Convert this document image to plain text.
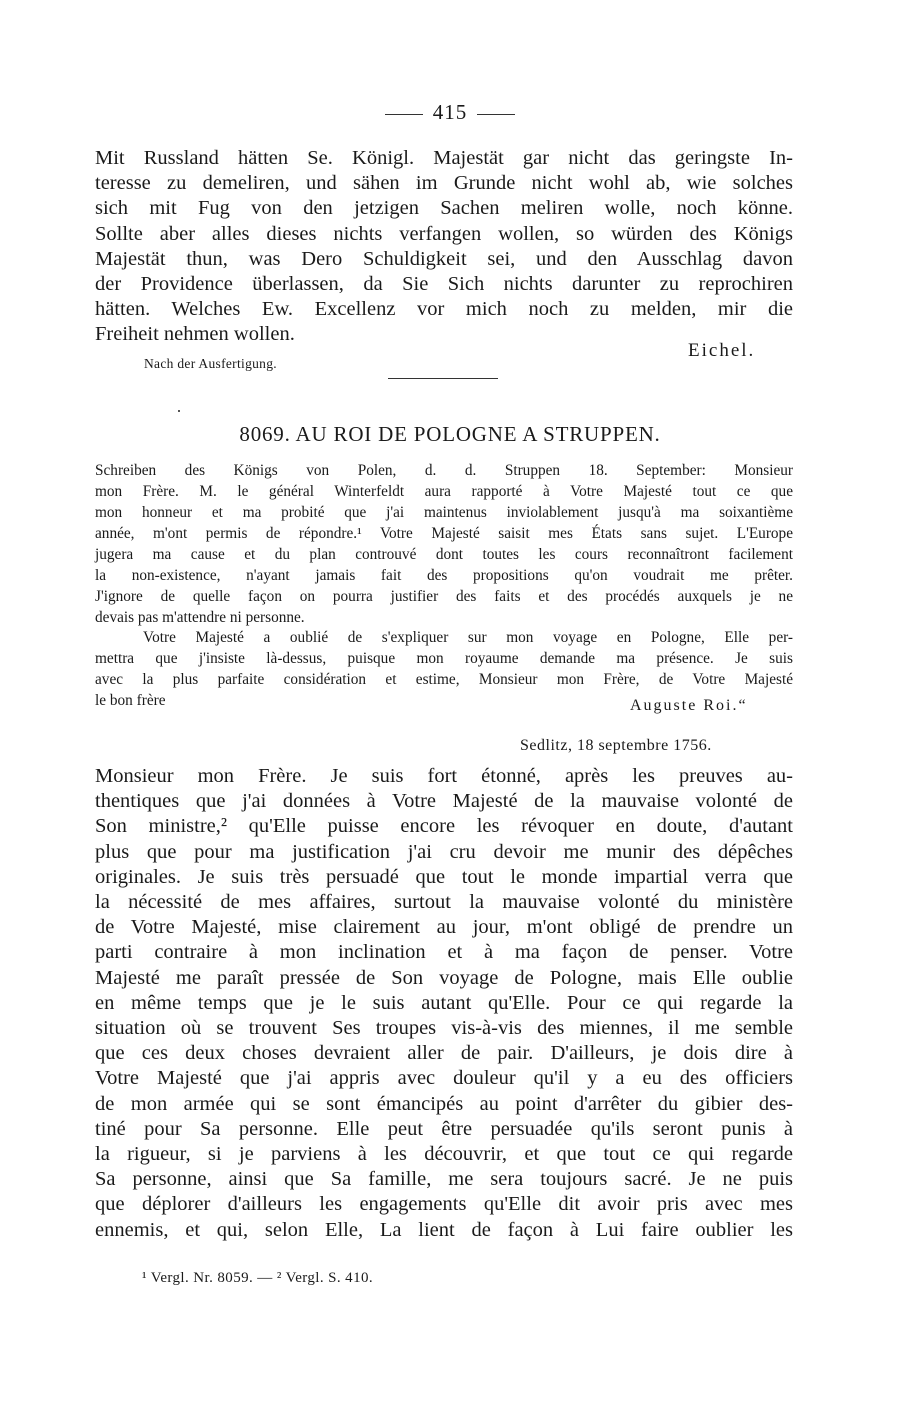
415
Mit Russland hätten Se. Königl. Majestät gar nicht das geringste In-
teresse zu demeliren, und sähen im Grunde nicht wohl ab, wie solches
sich mit Fug von den jetzigen Sachen meliren wolle, noch könne.
Sollte aber alles dieses nichts verfangen wollen, so würden des Königs
Majestät thun, was Dero Schuldigkeit sei, und den Ausschlag davon
der Providence überlassen, da Sie Sich nichts darunter zu reprochiren
hätten. Welches Ew. Excellenz vor mich noch zu melden, mir die
Freiheit nehmen wollen.
Eichel.
Nach der Ausfertigung.
8069. AU ROI DE POLOGNE A STRUPPEN.
Schreiben des Königs von Polen, d. d. Struppen 18. September: Monsieur
mon Frère. M. le général Winterfeldt aura rapporté à Votre Majesté tout ce que
mon honneur et ma probité que j'ai maintenus inviolablement jusqu'à ma soixantième
année, m'ont permis de répondre.¹ Votre Majesté saisit mes États sans sujet. L'Europe
jugera ma cause et du plan controuvé dont toutes les cours reconnaîtront facilement
la non-existence, n'ayant jamais fait des propositions qu'on voudrait me prêter.
J'ignore de quelle façon on pourra justifier des faits et des procédés auxquels je ne
devais pas m'attendre ni personne.
Votre Majesté a oublié de s'expliquer sur mon voyage en Pologne, Elle per-
mettra que j'insiste là-dessus, puisque mon royaume demande ma présence. Je suis
avec la plus parfaite considération et estime, Monsieur mon Frère, de Votre Majesté
le bon frère	Auguste Roi.“
Sedlitz, 18 septembre 1756.
Monsieur mon Frère. Je suis fort étonné, après les preuves au-
thentiques que j'ai données à Votre Majesté de la mauvaise volonté de
Son ministre,² qu'Elle puisse encore les révoquer en doute, d'autant
plus que pour ma justification j'ai cru devoir me munir des dépêches
originales. Je suis très persuadé que tout le monde impartial verra que
la nécessité de mes affaires, surtout la mauvaise volonté du ministère
de Votre Majesté, mise clairement au jour, m'ont obligé de prendre un
parti contraire à mon inclination et à ma façon de penser. Votre
Majesté me paraît pressée de Son voyage de Pologne, mais Elle oublie
en même temps que je le suis autant qu'Elle. Pour ce qui regarde la
situation où se trouvent Ses troupes vis-à-vis des miennes, il me semble
que ces deux choses devraient aller de pair. D'ailleurs, je dois dire à
Votre Majesté que j'ai appris avec douleur qu'il y a eu des officiers
de mon armée qui se sont émancipés au point d'arrêter du gibier des-
tiné pour Sa personne. Elle peut être persuadée qu'ils seront punis à
la rigueur, si je parviens à les découvrir, et que tout ce qui regarde
Sa personne, ainsi que Sa famille, me sera toujours sacré. Je ne puis
que déplorer d'ailleurs les engagements qu'Elle dit avoir pris avec mes
ennemis, et qui, selon Elle, La lient de façon à Lui faire oublier les
¹ Vergl. Nr. 8059. — ² Vergl. S. 410.
